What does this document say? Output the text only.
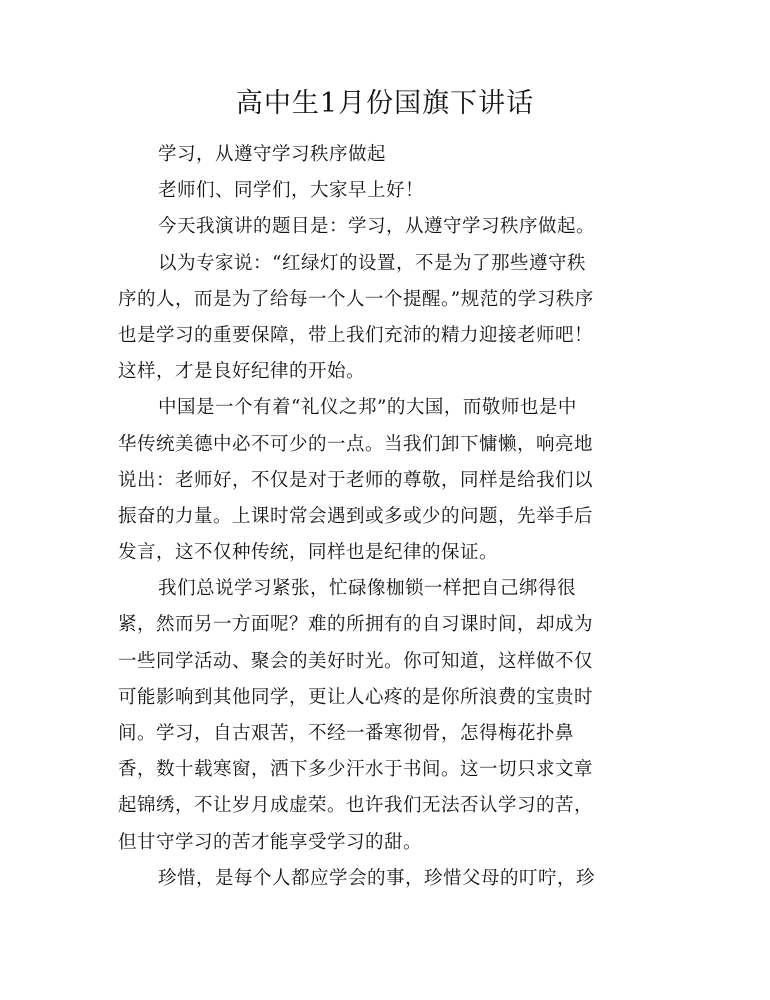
高中生1月份国旗下讲话
学习，从遵守学习秩序做起
老师们、同学们，大家早上好！
今天我演讲的题目是：学习，从遵守学习秩序做起。
以为专家说：“红绿灯的设置，不是为了那些遵守秩
序的人，而是为了给每一个人一个提醒。”规范的学习秩序
也是学习的重要保障，带上我们充沛的精力迎接老师吧！
这样，才是良好纪律的开始。
中国是一个有着“礼仪之邦”的大国，而敬师也是中
华传统美德中必不可少的一点。当我们卸下慵懒，响亮地
说出：老师好，不仅是对于老师的尊敬，同样是给我们以
振奋的力量。上课时常会遇到或多或少的问题，先举手后
发言，这不仅种传统，同样也是纪律的保证。
我们总说学习紧张，忙碌像枷锁一样把自己绑得很
紧，然而另一方面呢？难的所拥有的自习课时间，却成为
一些同学活动、聚会的美好时光。你可知道，这样做不仅
可能影响到其他同学，更让人心疼的是你所浪费的宝贵时
间。学习，自古艰苦，不经一番寒彻骨，怎得梅花扑鼻
香，数十载寒窗，洒下多少汗水于书间。这一切只求文章
起锦绣，不让岁月成虚荣。也许我们无法否认学习的苦，
但甘守学习的苦才能享受学习的甜。
珍惜，是每个人都应学会的事，珍惜父母的叮咛，珍
